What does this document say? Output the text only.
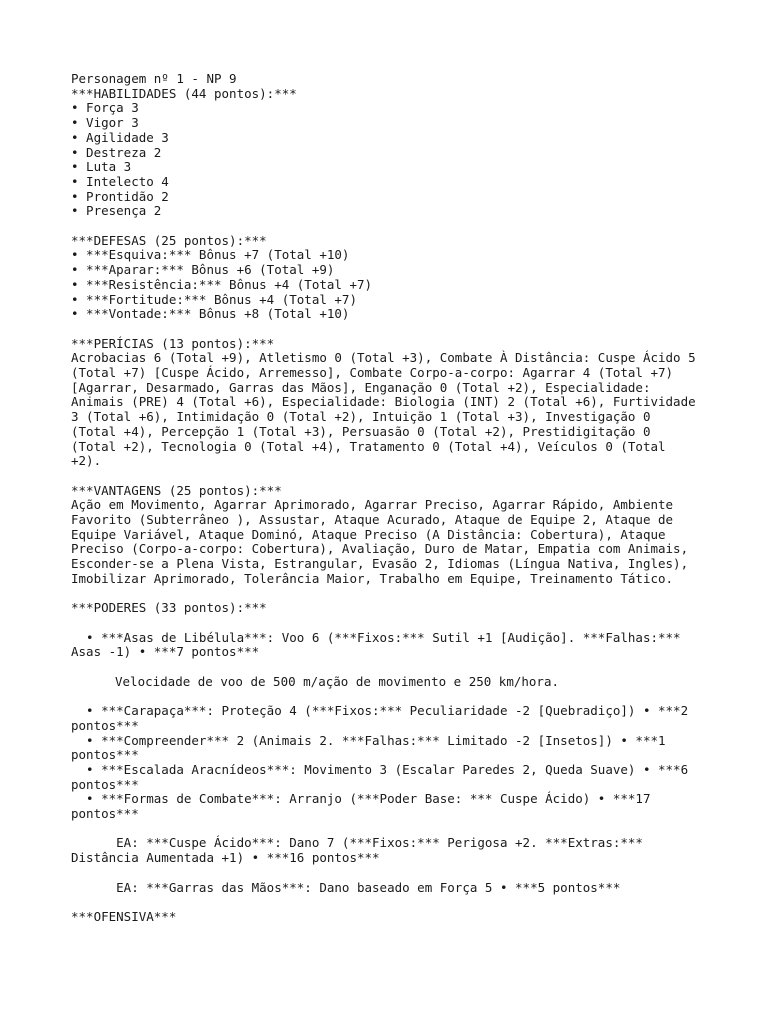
Personagem nº 1 - NP 9
***HABILIDADES (44 pontos):***
• Força 3
• Vigor 3
• Agilidade 3
• Destreza 2
• Luta 3
• Intelecto 4
• Prontidão 2
• Presença 2
***DEFESAS (25 pontos):***
• ***Esquiva:*** Bônus +7 (Total +10)
• ***Aparar:*** Bônus +6 (Total +9)
• ***Resistência:*** Bônus +4 (Total +7)
• ***Fortitude:*** Bônus +4 (Total +7)
• ***Vontade:*** Bônus +8 (Total +10)
***PERÍCIAS (13 pontos):***
Acrobacias 6 (Total +9), Atletismo 0 (Total +3), Combate À Distância: Cuspe Ácido 5
(Total +7) [Cuspe Ácido, Arremesso], Combate Corpo-a-corpo: Agarrar 4 (Total +7)
[Agarrar, Desarmado, Garras das Mãos], Enganação 0 (Total +2), Especialidade:
Animais (PRE) 4 (Total +6), Especialidade: Biologia (INT) 2 (Total +6), Furtividade
3 (Total +6), Intimidação 0 (Total +2), Intuição 1 (Total +3), Investigação 0
(Total +4), Percepção 1 (Total +3), Persuasão 0 (Total +2), Prestidigitação 0
(Total +2), Tecnologia 0 (Total +4), Tratamento 0 (Total +4), Veículos 0 (Total
+2).
***VANTAGENS (25 pontos):***
Ação em Movimento, Agarrar Aprimorado, Agarrar Preciso, Agarrar Rápido, Ambiente
Favorito (Subterrâneo ), Assustar, Ataque Acurado, Ataque de Equipe 2, Ataque de
Equipe Variável, Ataque Dominó, Ataque Preciso (A Distância: Cobertura), Ataque
Preciso (Corpo-a-corpo: Cobertura), Avaliação, Duro de Matar, Empatia com Animais,
Esconder-se a Plena Vista, Estrangular, Evasão 2, Idiomas (Língua Nativa, Ingles),
Imobilizar Aprimorado, Tolerância Maior, Trabalho em Equipe, Treinamento Tático.
***PODERES (33 pontos):***
• ***Asas de Libélula***: Voo 6 (***Fixos:*** Sutil +1 [Audição]. ***Falhas:***
Asas -1) • ***7 pontos***
Velocidade de voo de 500 m/ação de movimento e 250 km/hora.
• ***Carapaça***: Proteção 4 (***Fixos:*** Peculiaridade -2 [Quebradiço]) • ***2
pontos***
• ***Compreender*** 2 (Animais 2. ***Falhas:*** Limitado -2 [Insetos]) • ***1
pontos***
• ***Escalada Aracnídeos***: Movimento 3 (Escalar Paredes 2, Queda Suave) • ***6
pontos***
• ***Formas de Combate***: Arranjo (***Poder Base: *** Cuspe Ácido) • ***17
pontos***
EA: ***Cuspe Ácido***: Dano 7 (***Fixos:*** Perigosa +2. ***Extras:***
Distância Aumentada +1) • ***16 pontos***
EA: ***Garras das Mãos***: Dano baseado em Força 5 • ***5 pontos***
***OFENSIVA***
